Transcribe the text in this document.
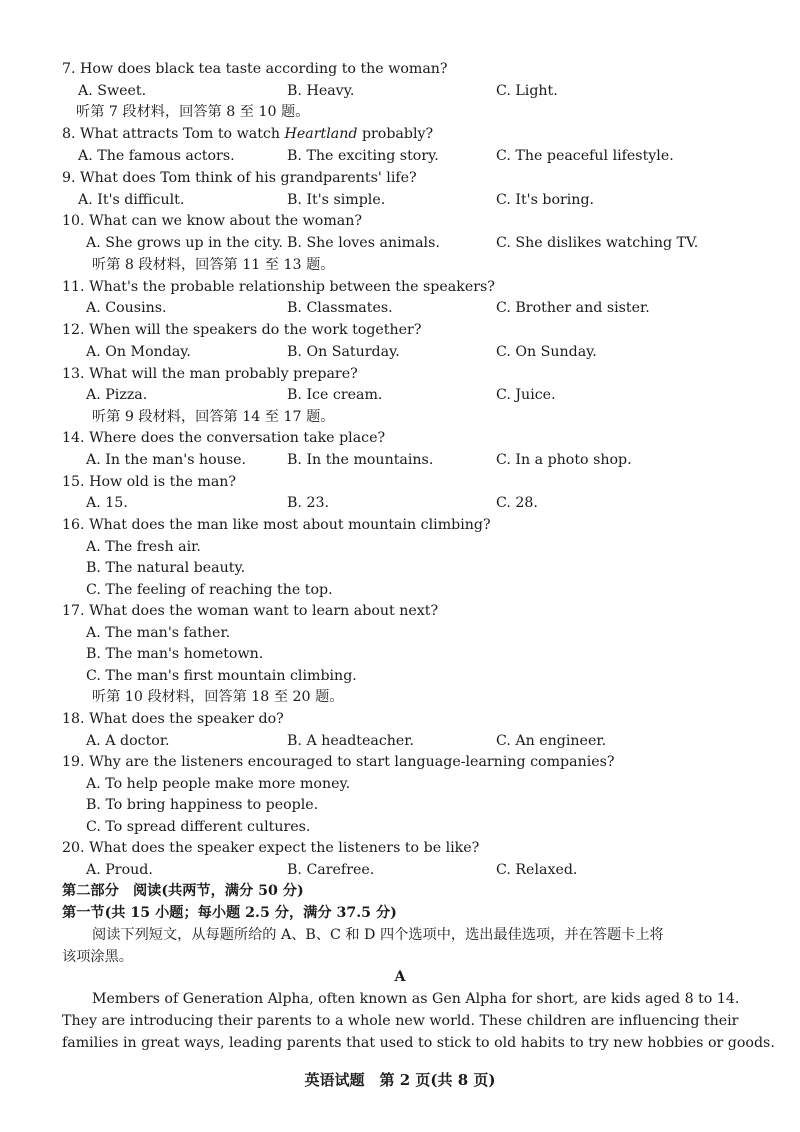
7. How does black tea taste according to the woman?
A. Sweet.	B. Heavy.	C. Light.
听第 7 段材料，回答第 8 至 10 题。
8. What attracts Tom to watch Heartland probably?
A. The famous actors.	B. The exciting story.	C. The peaceful lifestyle.
9. What does Tom think of his grandparents' life?
A. It's difficult.	B. It's simple.	C. It's boring.
10. What can we know about the woman?
A. She grows up in the city. B. She loves animals.	C. She dislikes watching TV.
听第 8 段材料，回答第 11 至 13 题。
11. What's the probable relationship between the speakers?
A. Cousins.	B. Classmates.	C. Brother and sister.
12. When will the speakers do the work together?
A. On Monday.	B. On Saturday.	C. On Sunday.
13. What will the man probably prepare?
A. Pizza.	B. Ice cream.	C. Juice.
听第 9 段材料，回答第 14 至 17 题。
14. Where does the conversation take place?
A. In the man's house.	B. In the mountains.	C. In a photo shop.
15. How old is the man?
A. 15.	B. 23.	C. 28.
16. What does the man like most about mountain climbing?
A. The fresh air.
B. The natural beauty.
C. The feeling of reaching the top.
17. What does the woman want to learn about next?
A. The man's father.
B. The man's hometown.
C. The man's first mountain climbing.
听第 10 段材料，回答第 18 至 20 题。
18. What does the speaker do?
A. A doctor.	B. A headteacher.	C. An engineer.
19. Why are the listeners encouraged to start language-learning companies?
A. To help people make more money.
B. To bring happiness to people.
C. To spread different cultures.
20. What does the speaker expect the listeners to be like?
A. Proud.	B. Carefree.	C. Relaxed.
第二部分　阅读(共两节，满分 50 分)
第一节(共 15 小题；每小题 2.5 分，满分 37.5 分)
阅读下列短文，从每题所给的 A、B、C 和 D 四个选项中，选出最佳选项，并在答题卡上将
该项涂黑。
A
Members of Generation Alpha, often known as Gen Alpha for short, are kids aged 8 to 14.
They are introducing their parents to a whole new world. These children are influencing their
families in great ways, leading parents that used to stick to old habits to try new hobbies or goods.
英语试题　第 2 页(共 8 页)
